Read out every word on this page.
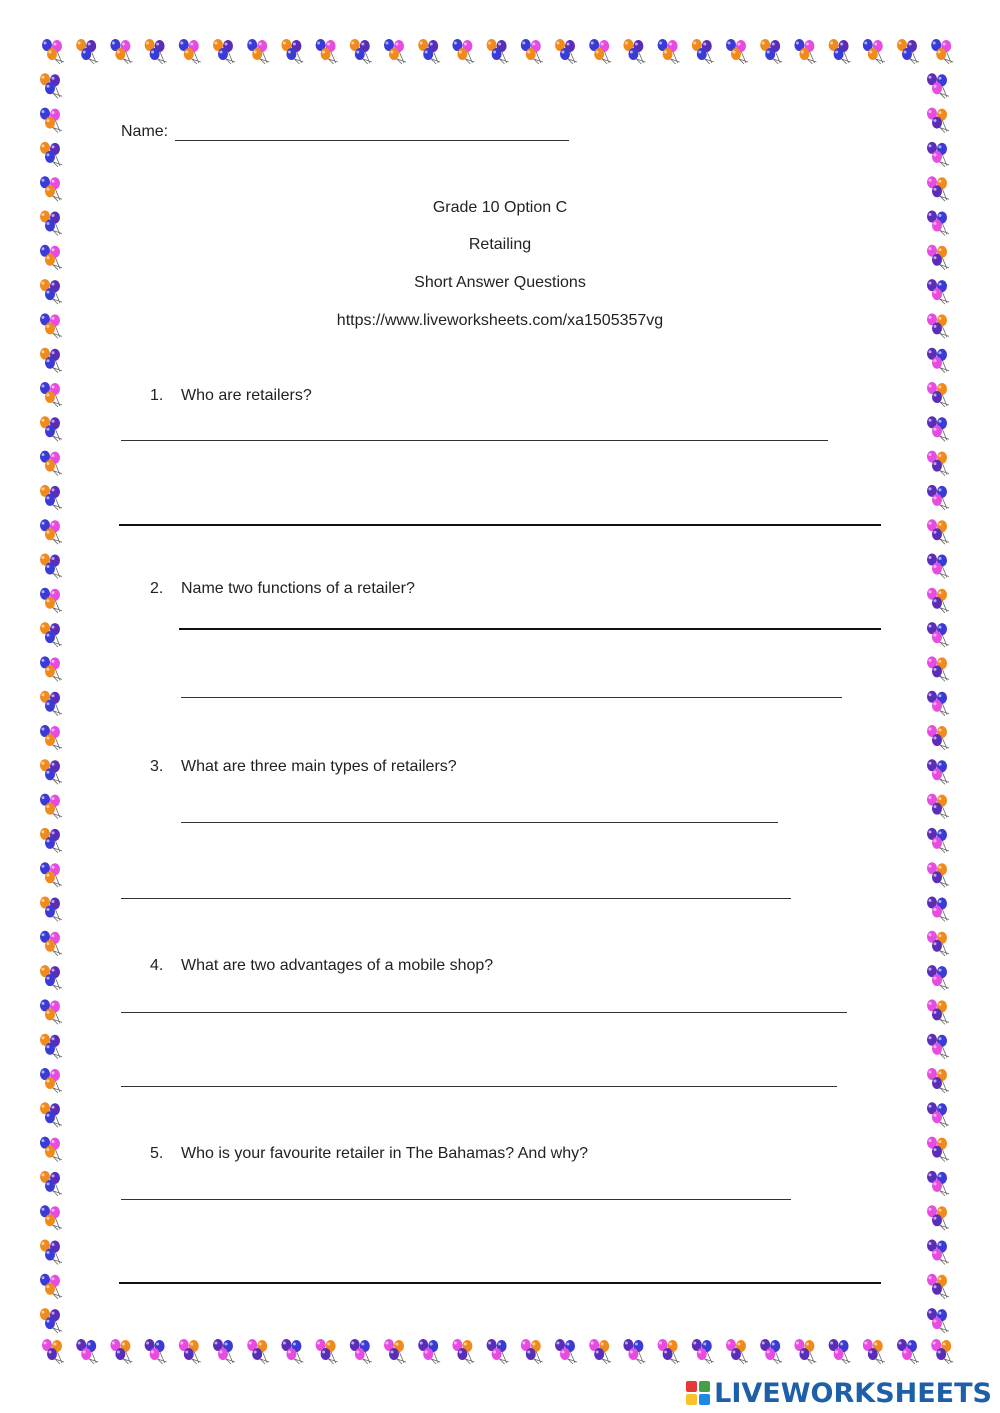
Name:
Grade 10 Option C
Retailing
Short Answer Questions
https://www.liveworksheets.com/xa1505357vg
1. Who are retailers?
2. Name two functions of a retailer?
3. What are three main types of retailers?
4. What are two advantages of a mobile shop?
5. Who is your favourite retailer in The Bahamas? And why?
LIVEWORKSHEETS
